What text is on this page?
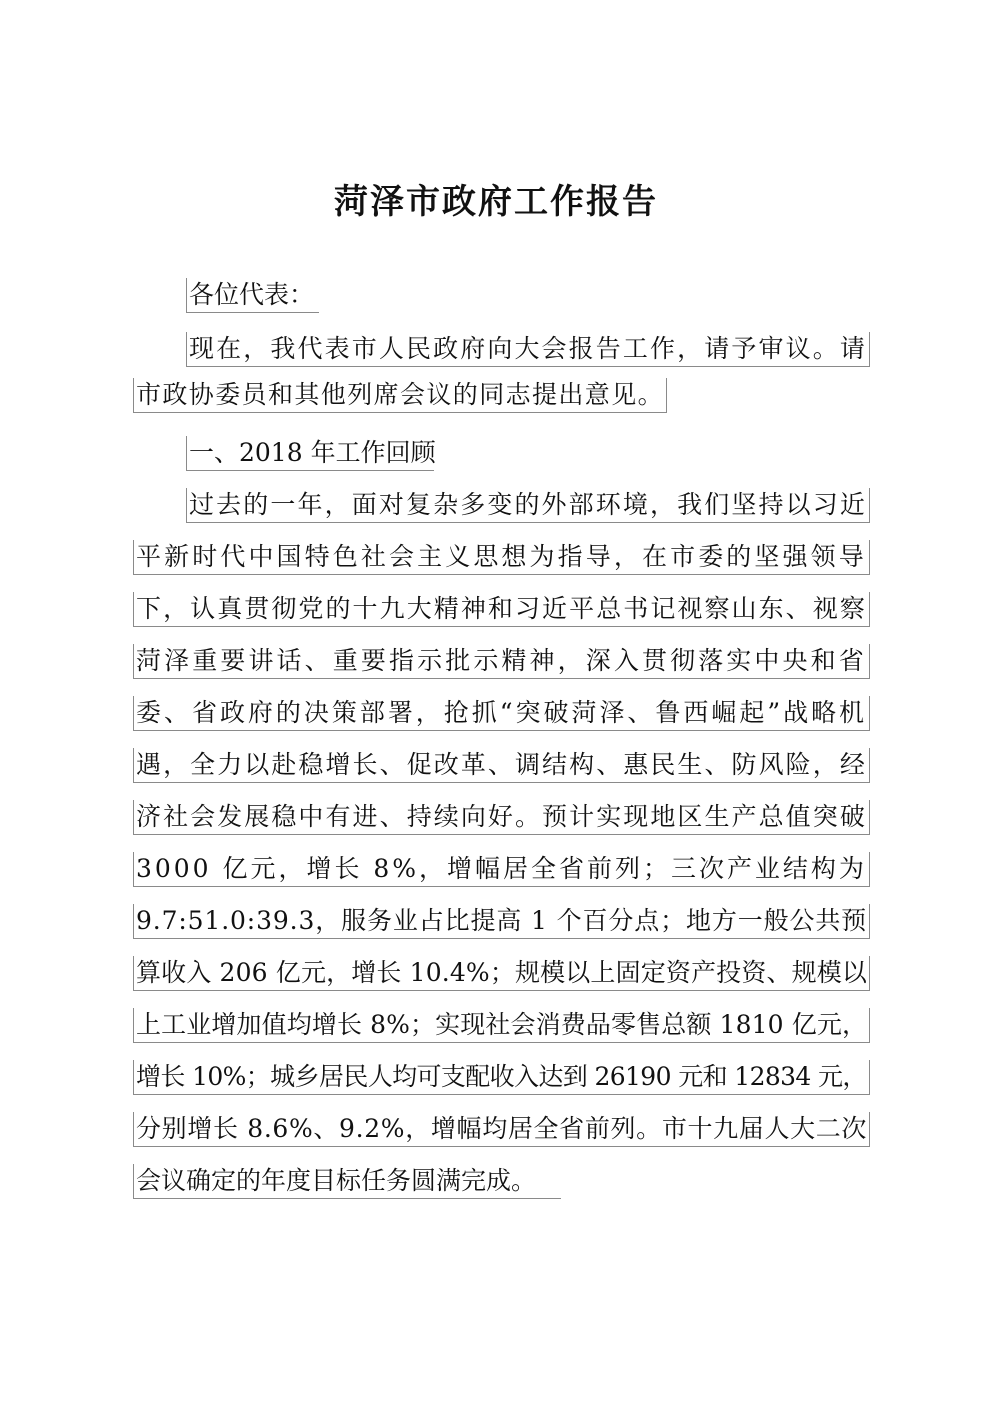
菏泽市政府工作报告
各位代表：
现在，我代表市人民政府向大会报告工作，请予审议。请
市政协委员和其他列席会议的同志提出意见。
一、2018 年工作回顾
过去的一年，面对复杂多变的外部环境，我们坚持以习近
平新时代中国特色社会主义思想为指导，在市委的坚强领导
下，认真贯彻党的十九大精神和习近平总书记视察山东、视察
菏泽重要讲话、重要指示批示精神，深入贯彻落实中央和省
委、省政府的决策部署，抢抓“突破菏泽、鲁西崛起”战略机
遇，全力以赴稳增长、促改革、调结构、惠民生、防风险，经
济社会发展稳中有进、持续向好。预计实现地区生产总值突破
3000 亿元，增长 8%，增幅居全省前列；三次产业结构为
9.7:51.0:39.3，服务业占比提高 1 个百分点；地方一般公共预
算收入 206 亿元，增长 10.4%；规模以上固定资产投资、规模以
上工业增加值均增长 8%；实现社会消费品零售总额 1810 亿元，
增长 10%；城乡居民人均可支配收入达到 26190 元和 12834 元，
分别增长 8.6%、9.2%，增幅均居全省前列。市十九届人大二次
会议确定的年度目标任务圆满完成。
